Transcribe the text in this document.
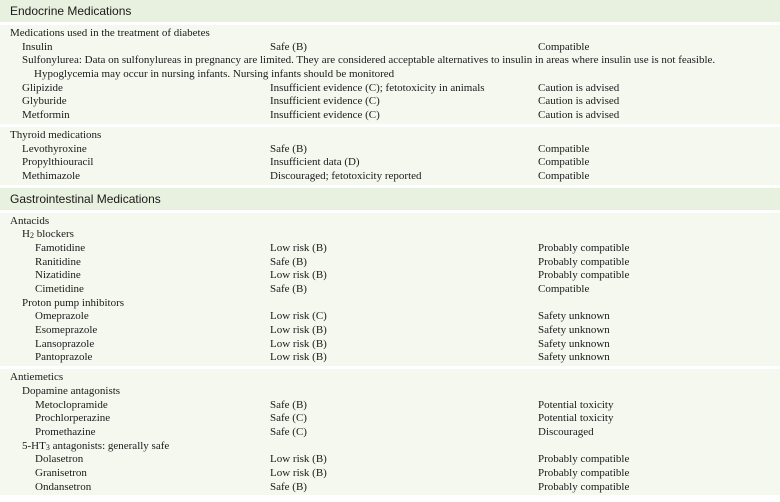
Endocrine Medications
Medications used in the treatment of diabetes
Insulin	Safe (B)	Compatible
Sulfonylurea: Data on sulfonylureas in pregnancy are limited. They are considered acceptable alternatives to insulin in areas where insulin use is not feasible. Hypoglycemia may occur in nursing infants. Nursing infants should be monitored
Glipizide	Insufficient evidence (C); fetotoxicity in animals	Caution is advised
Glyburide	Insufficient evidence (C)	Caution is advised
Metformin	Insufficient evidence (C)	Caution is advised
Thyroid medications
Levothyroxine	Safe (B)	Compatible
Propylthiouracil	Insufficient data (D)	Compatible
Methimazole	Discouraged; fetotoxicity reported	Compatible
Gastrointestinal Medications
Antacids
$H_2$ blockers
Famotidine	Low risk (B)	Probably compatible
Ranitidine	Safe (B)	Probably compatible
Nizatidine	Low risk (B)	Probably compatible
Cimetidine	Safe (B)	Compatible
Proton pump inhibitors
Omeprazole	Low risk (C)	Safety unknown
Esomeprazole	Low risk (B)	Safety unknown
Lansoprazole	Low risk (B)	Safety unknown
Pantoprazole	Low risk (B)	Safety unknown
Antiemetics
Dopamine antagonists
Metoclopramide	Safe (B)	Potential toxicity
Prochlorperazine	Safe (C)	Potential toxicity
Promethazine	Safe (C)	Discouraged
$5-HT_3$ antagonists: generally safe
Dolasetron	Low risk (B)	Probably compatible
Granisetron	Low risk (B)	Probably compatible
Ondansetron	Safe (B)	Probably compatible
